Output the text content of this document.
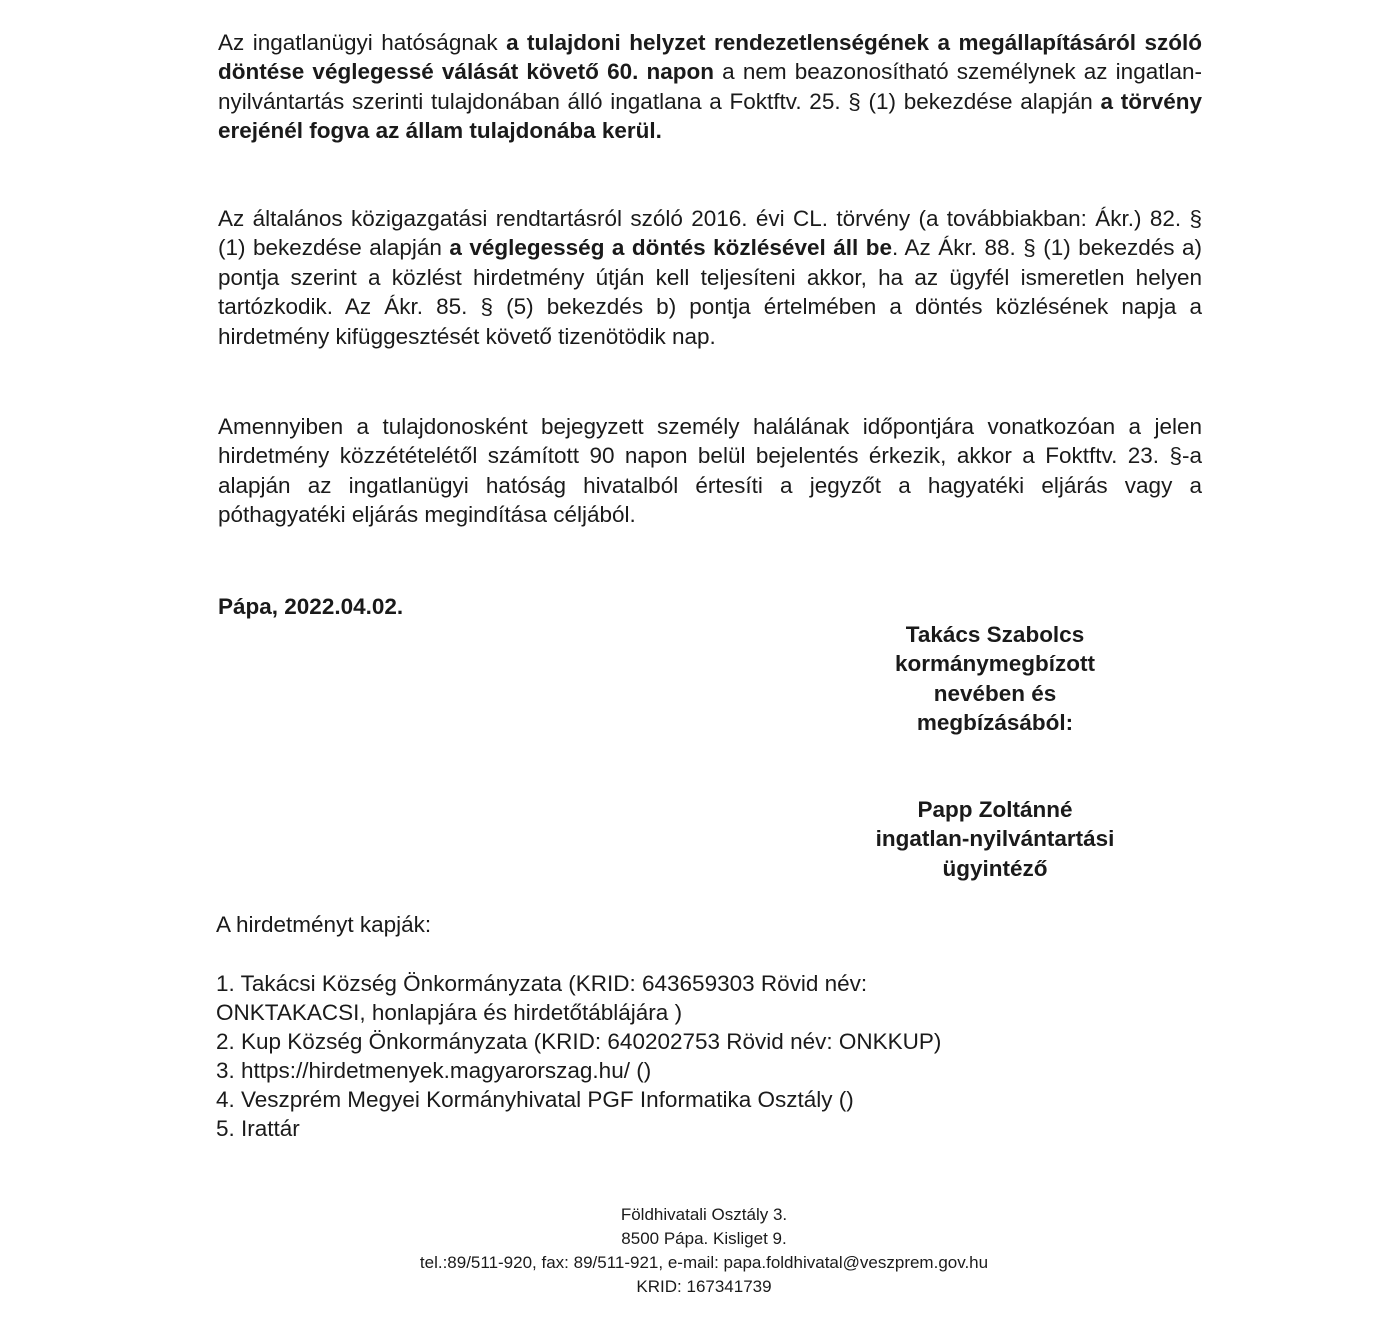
Az ingatlanügyi hatóságnak a tulajdoni helyzet rendezetlenségének a megállapításáról szóló döntése véglegessé válását követő 60. napon a nem beazonosítható személynek az ingatlan- nyilvántartás szerinti tulajdonában álló ingatlana a Foktftv. 25. § (1) bekezdése alapján a törvény erejénél fogva az állam tulajdonába kerül.

Az általános közigazgatási rendtartásról szóló 2016. évi CL. törvény (a továbbiakban: Ákr.) 82. § (1) bekezdése alapján a véglegesség a döntés közlésével áll be. Az Ákr. 88. § (1) bekezdés a) pontja szerint a közlést hirdetmény útján kell teljesíteni akkor, ha az ügyfél ismeretlen helyen tartózkodik. Az Ákr. 85. § (5) bekezdés b) pontja értelmében a döntés közlésének napja a hirdetmény kifüggesztését követő tizenötödik nap.

Amennyiben a tulajdonosként bejegyzett személy halálának időpontjára vonatkozóan a jelen hirdetmény közzétételétől számított 90 napon belül bejelentés érkezik, akkor a Foktftv. 23. §-a alapján az ingatlanügyi hatóság hivatalból értesíti a jegyzőt a hagyatéki eljárás vagy a póthagyatéki eljárás megindítása céljából.

Pápa, 2022.04.02.

Takács Szabolcs
kormánymegbízott
nevében és
megbízásából:
Papp Zoltánné
ingatlan-nyilvántartási
ügyintéző

A hirdetményt kapják:

1. Takácsi Község Önkormányzata (KRID: 643659303 Rövid név:
ONKTAKACSI, honlapjára és hirdetőtáblájára )
2. Kup Község Önkormányzata (KRID: 640202753 Rövid név: ONKKUP)
3. https://hirdetmenyek.magyarorszag.hu/ ()
4. Veszprém Megyei Kormányhivatal PGF Informatika Osztály ()
5. Irattár
Földhivatali Osztály 3.
8500 Pápa. Kisliget 9.
tel.:89/511-920, fax: 89/511-921, e-mail: papa.foldhivatal@veszprem.gov.hu
KRID: 167341739
